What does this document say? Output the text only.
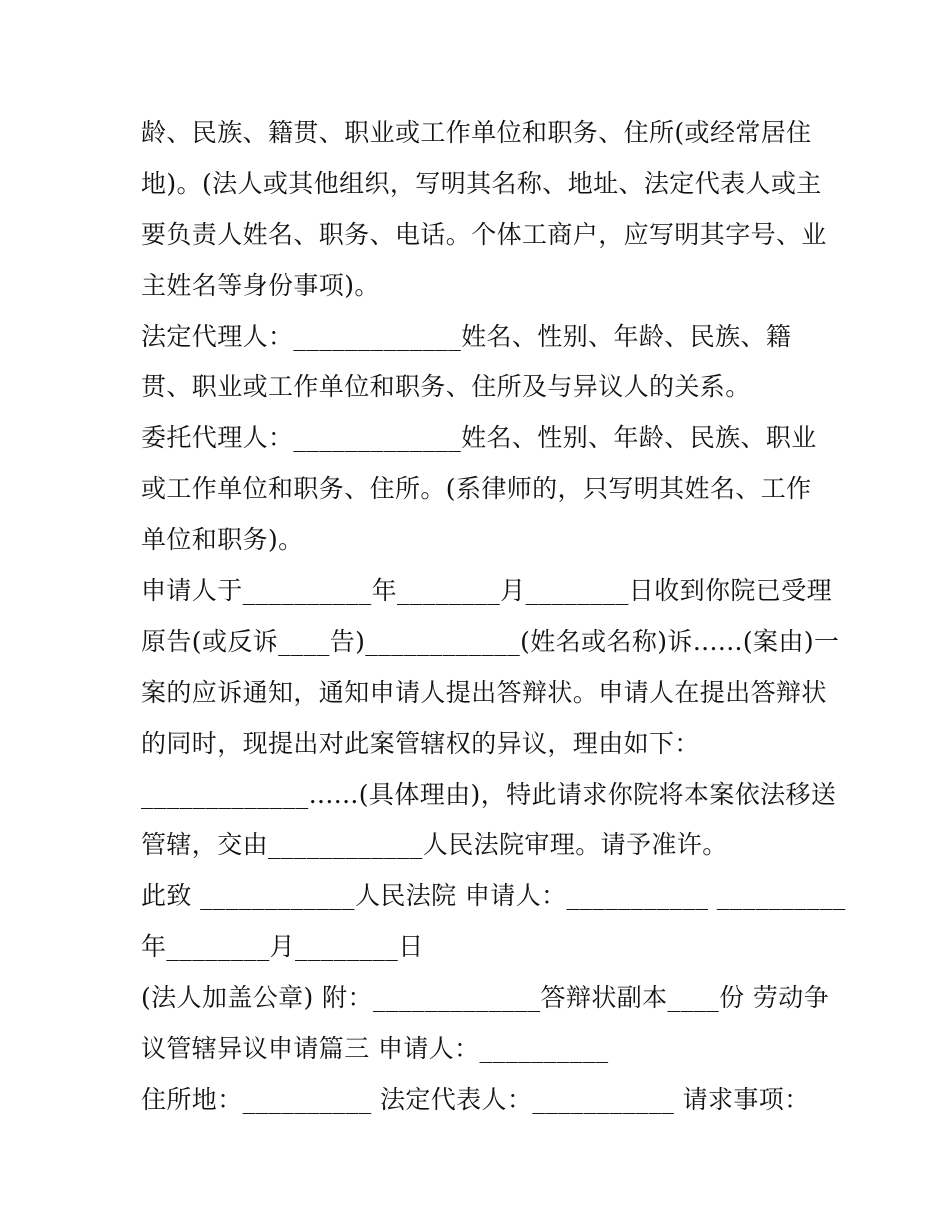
龄、民族、籍贯、职业或工作单位和职务、住所(或经常居住
地)。(法人或其他组织，写明其名称、地址、法定代表人或主
要负责人姓名、职务、电话。个体工商户，应写明其字号、业
主姓名等身份事项)。
法定代理人：_____________姓名、性别、年龄、民族、籍
贯、职业或工作单位和职务、住所及与异议人的关系。
委托代理人：_____________姓名、性别、年龄、民族、职业
或工作单位和职务、住所。(系律师的，只写明其姓名、工作
单位和职务)。
申请人于__________年________月________日收到你院已受理
原告(或反诉____告)____________(姓名或名称)诉......(案由)一
案的应诉通知，通知申请人提出答辩状。申请人在提出答辩状
的同时，现提出对此案管辖权的异议，理由如下：
_____________......(具体理由)，特此请求你院将本案依法移送
管辖，交由____________人民法院审理。请予准许。
此致 ____________人民法院 申请人：___________ __________
年________月________日
(法人加盖公章) 附：_____________答辩状副本____份 劳动争
议管辖异议申请篇三 申请人：__________
住所地：__________ 法定代表人：___________ 请求事项：
